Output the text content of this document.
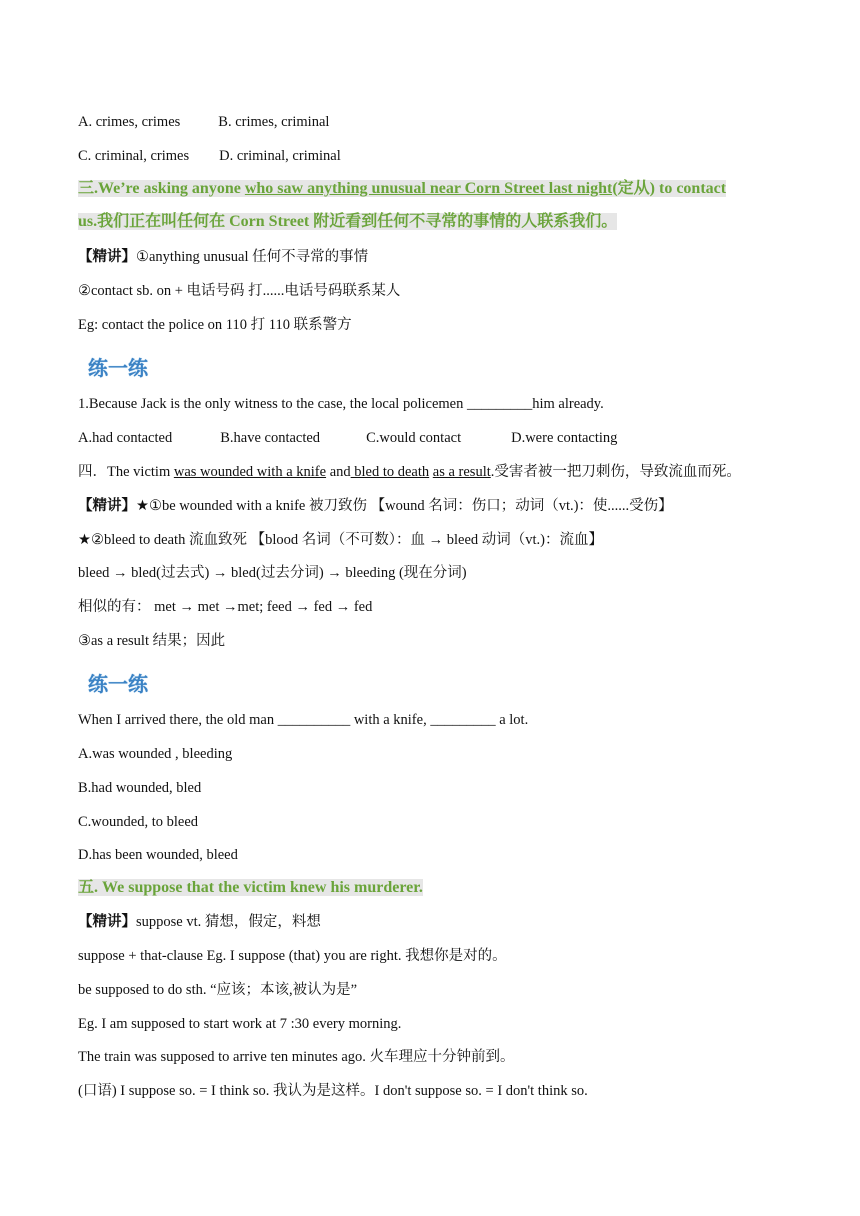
A. crimes, crimes	B. crimes, criminal
C. criminal, crimes D. criminal, criminal
三.We’re asking anyone who saw anything unusual near Corn Street last night(定从) to contact
us.我们正在叫任何在 Corn Street 附近看到任何不寻常的事情的人联系我们。
【精讲】①anything unusual 任何不寻常的事情
②contact sb. on + 电话号码 打......电话号码联系某人
Eg: contact the police on 110 打 110 联系警方
练一练
1.Because Jack is the only witness to the case, the local policemen _________him already.
A.had contacted	B.have contacted	C.would contact	D.were contacting
四．The victim was wounded with a knife and bled to death as a result.受害者被一把刀刺伤，导致流血而死。
【精讲】★①be wounded with a knife 被刀致伤 【wound 名词：伤口；动词（vt.)：使......受伤】
★②bleed to death 流血致死 【blood 名词（不可数）：血 → bleed 动词（vt.)：流血】
bleed → bled(过去式) → bled(过去分词) → bleeding (现在分词)
相似的有： met → met →met; feed → fed → fed
③as a result 结果；因此
练一练
When I arrived there, the old man __________ with a knife, _________ a lot.
A.was wounded , bleeding
B.had wounded, bled
C.wounded, to bleed
D.has been wounded, bleed
五. We suppose that the victim knew his murderer.
【精讲】suppose vt. 猜想，假定，料想
suppose + that-clause Eg. I suppose (that) you are right. 我想你是对的。
be supposed to do sth. “应该；本该,被认为是”
Eg. I am supposed to start work at 7 :30 every morning.
The train was supposed to arrive ten minutes ago. 火车理应十分钟前到。
(口语) I suppose so. = I think so. 我认为是这样。I don't suppose so. = I don't think so.
